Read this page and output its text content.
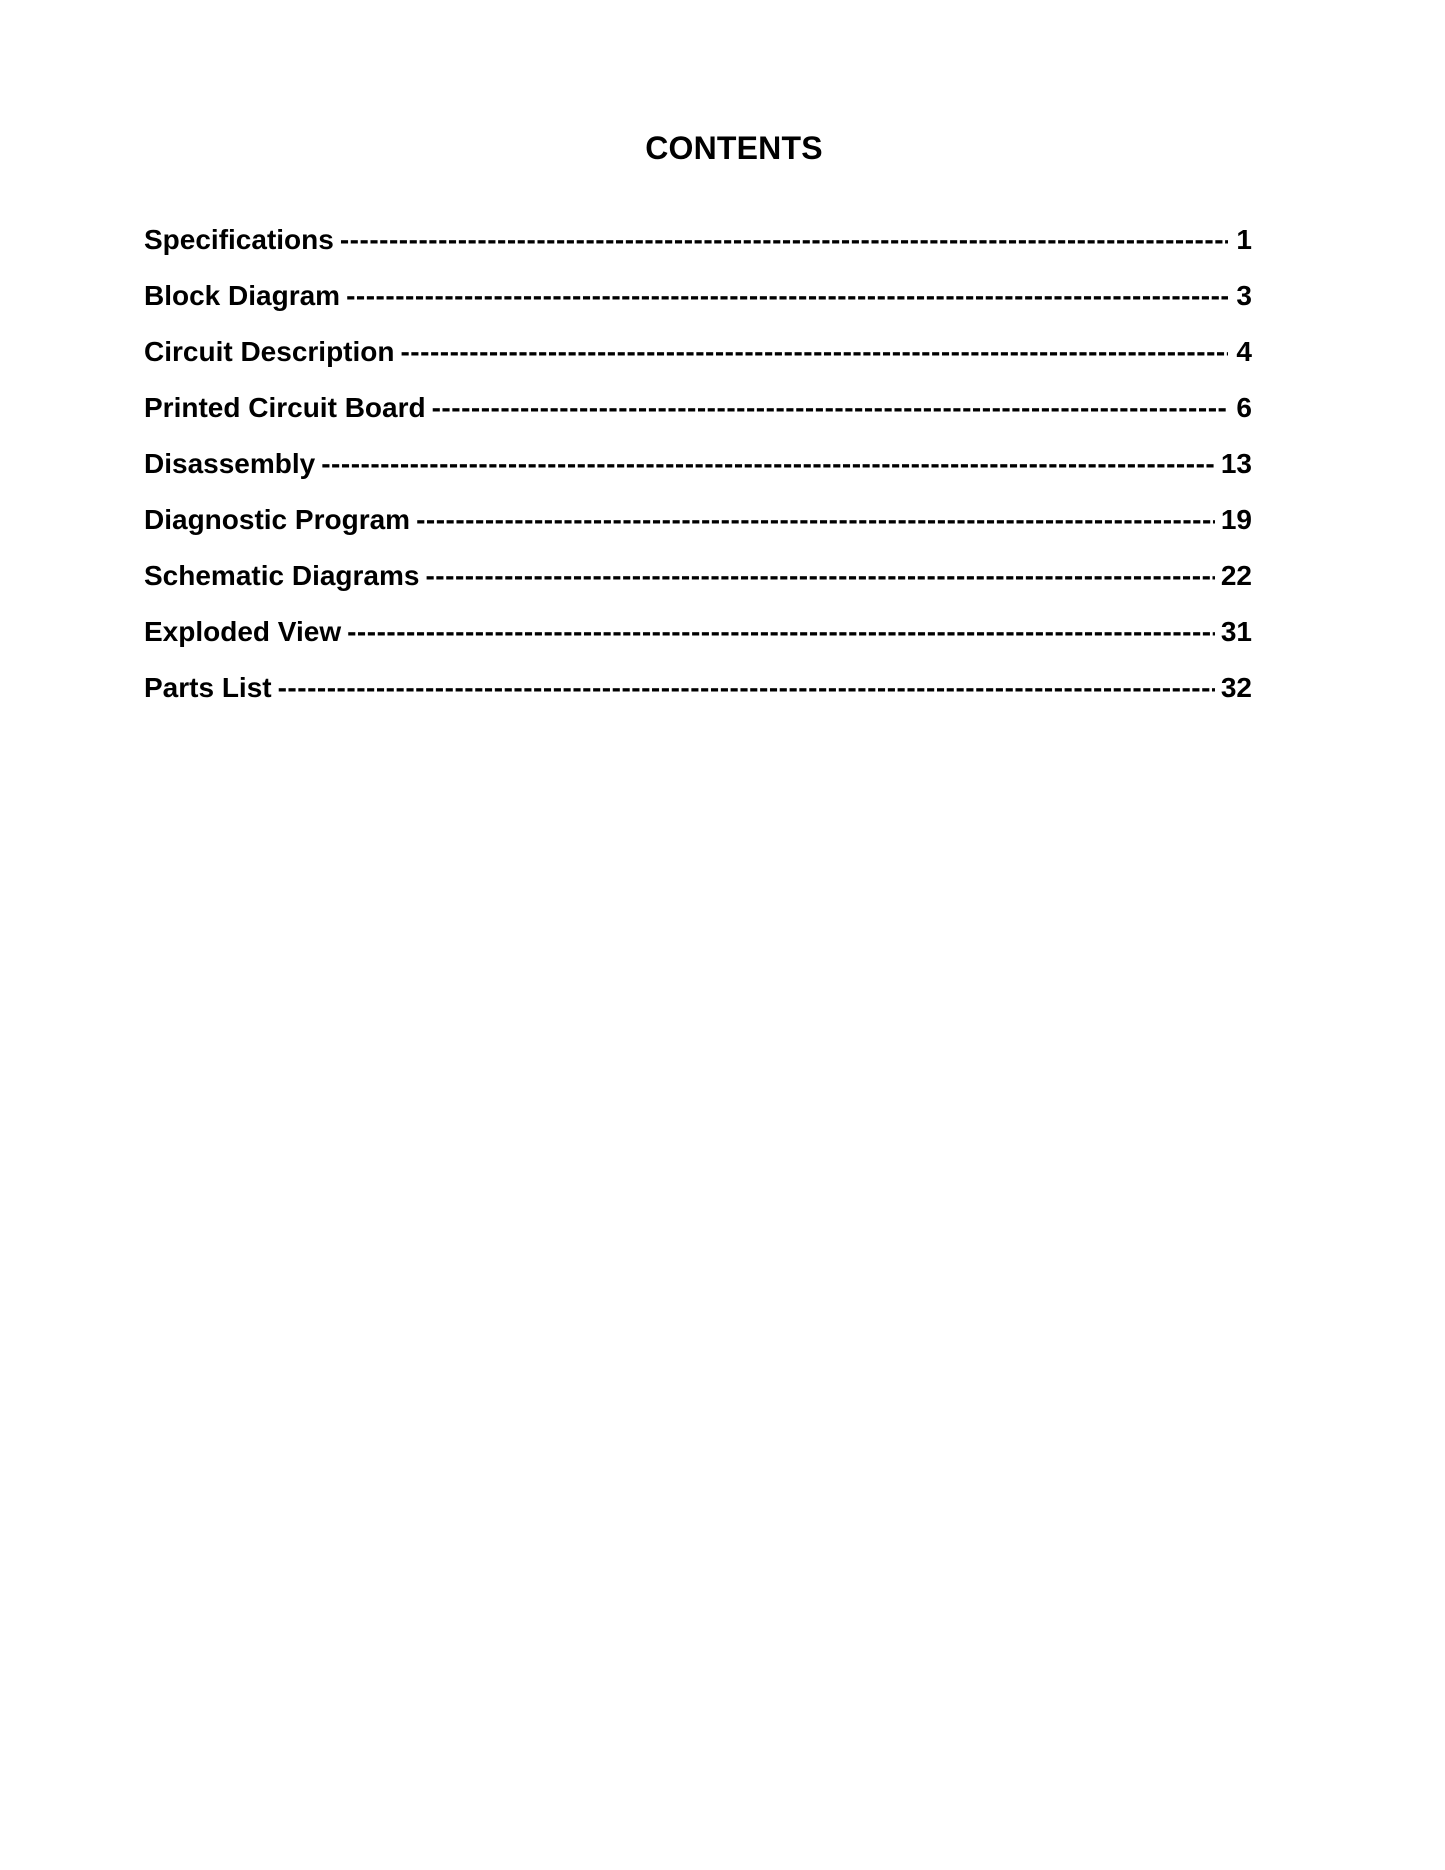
CONTENTS
Specifications -----	1
Block Diagram -----	3
Circuit Description -----	4
Printed Circuit Board -----	6
Disassembly -----	13
Diagnostic Program -----	19
Schematic Diagrams -----	22
Exploded View -----	31
Parts List -----	32
